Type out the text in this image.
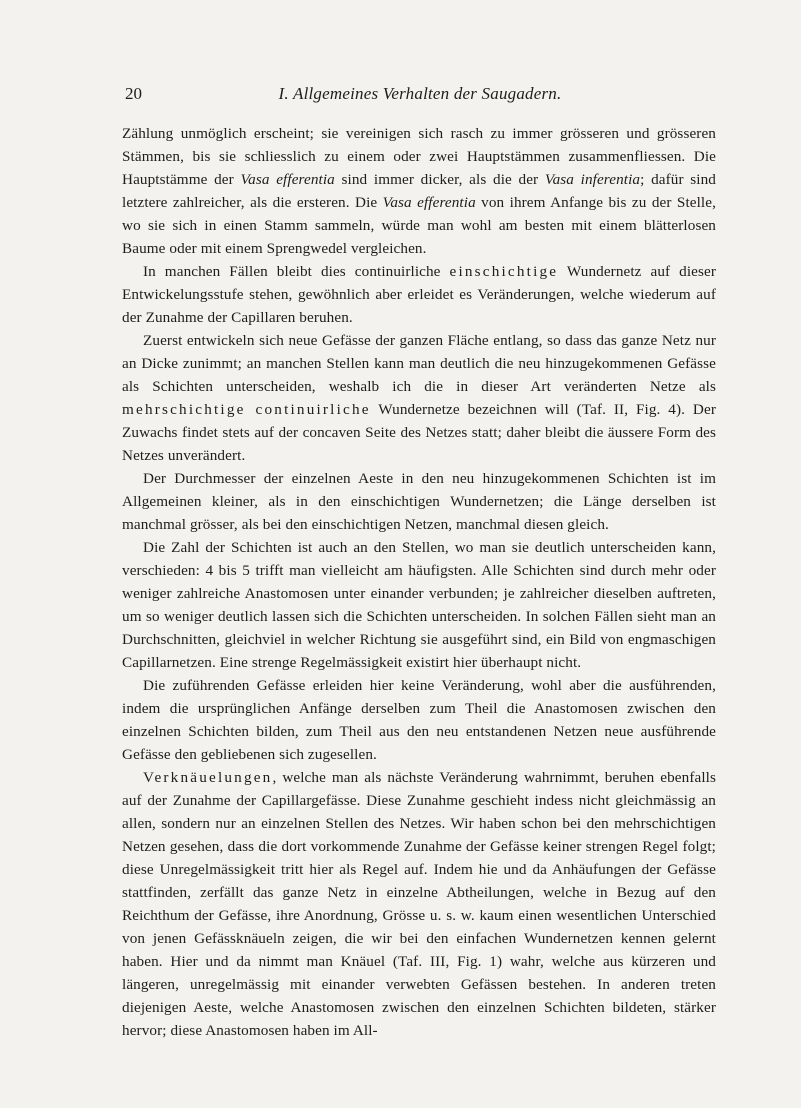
20	I. Allgemeines Verhalten der Saugadern.

Zählung unmöglich erscheint; sie vereinigen sich rasch zu immer grösseren und grösseren Stämmen, bis sie schliesslich zu einem oder zwei Hauptstämmen zusammenfliessen. Die Hauptstämme der Vasa efferentia sind immer dicker, als die der Vasa inferentia; dafür sind letztere zahlreicher, als die ersteren. Die Vasa efferentia von ihrem Anfange bis zu der Stelle, wo sie sich in einen Stamm sammeln, würde man wohl am besten mit einem blätterlosen Baume oder mit einem Sprengwedel vergleichen.

In manchen Fällen bleibt dies continuirliche einschichtige Wundernetz auf dieser Entwickelungsstufe stehen, gewöhnlich aber erleidet es Veränderungen, welche wiederum auf der Zunahme der Capillaren beruhen.

Zuerst entwickeln sich neue Gefässe der ganzen Fläche entlang, so dass das ganze Netz nur an Dicke zunimmt; an manchen Stellen kann man deutlich die neu hinzugekommenen Gefässe als Schichten unterscheiden, weshalb ich die in dieser Art veränderten Netze als mehrschichtige continuirliche Wundernetze bezeichnen will (Taf. II, Fig. 4). Der Zuwachs findet stets auf der concaven Seite des Netzes statt; daher bleibt die äussere Form des Netzes unverändert.

Der Durchmesser der einzelnen Aeste in den neu hinzugekommenen Schichten ist im Allgemeinen kleiner, als in den einschichtigen Wundernetzen; die Länge derselben ist manchmal grösser, als bei den einschichtigen Netzen, manchmal diesen gleich.

Die Zahl der Schichten ist auch an den Stellen, wo man sie deutlich unterscheiden kann, verschieden: 4 bis 5 trifft man vielleicht am häufigsten. Alle Schichten sind durch mehr oder weniger zahlreiche Anastomosen unter einander verbunden; je zahlreicher dieselben auftreten, um so weniger deutlich lassen sich die Schichten unterscheiden. In solchen Fällen sieht man an Durchschnitten, gleichviel in welcher Richtung sie ausgeführt sind, ein Bild von engmaschigen Capillarnetzen. Eine strenge Regelmässigkeit existirt hier überhaupt nicht.

Die zuführenden Gefässe erleiden hier keine Veränderung, wohl aber die ausführenden, indem die ursprünglichen Anfänge derselben zum Theil die Anastomosen zwischen den einzelnen Schichten bilden, zum Theil aus den neu entstandenen Netzen neue ausführende Gefässe den gebliebenen sich zugesellen.

Verknäuelungen, welche man als nächste Veränderung wahrnimmt, beruhen ebenfalls auf der Zunahme der Capillargefässe. Diese Zunahme geschieht indess nicht gleichmässig an allen, sondern nur an einzelnen Stellen des Netzes. Wir haben schon bei den mehrschichtigen Netzen gesehen, dass die dort vorkommende Zunahme der Gefässe keiner strengen Regel folgt; diese Unregelmässigkeit tritt hier als Regel auf. Indem hie und da Anhäufungen der Gefässe stattfinden, zerfällt das ganze Netz in einzelne Abtheilungen, welche in Bezug auf den Reichthum der Gefässe, ihre Anordnung, Grösse u. s. w. kaum einen wesentlichen Unterschied von jenen Gefässknäueln zeigen, die wir bei den einfachen Wundernetzen kennen gelernt haben. Hier und da nimmt man Knäuel (Taf. III, Fig. 1) wahr, welche aus kürzeren und längeren, unregelmässig mit einander verwebten Gefässen bestehen. In anderen treten diejenigen Aeste, welche Anastomosen zwischen den einzelnen Schichten bildeten, stärker hervor; diese Anastomosen haben im All-
